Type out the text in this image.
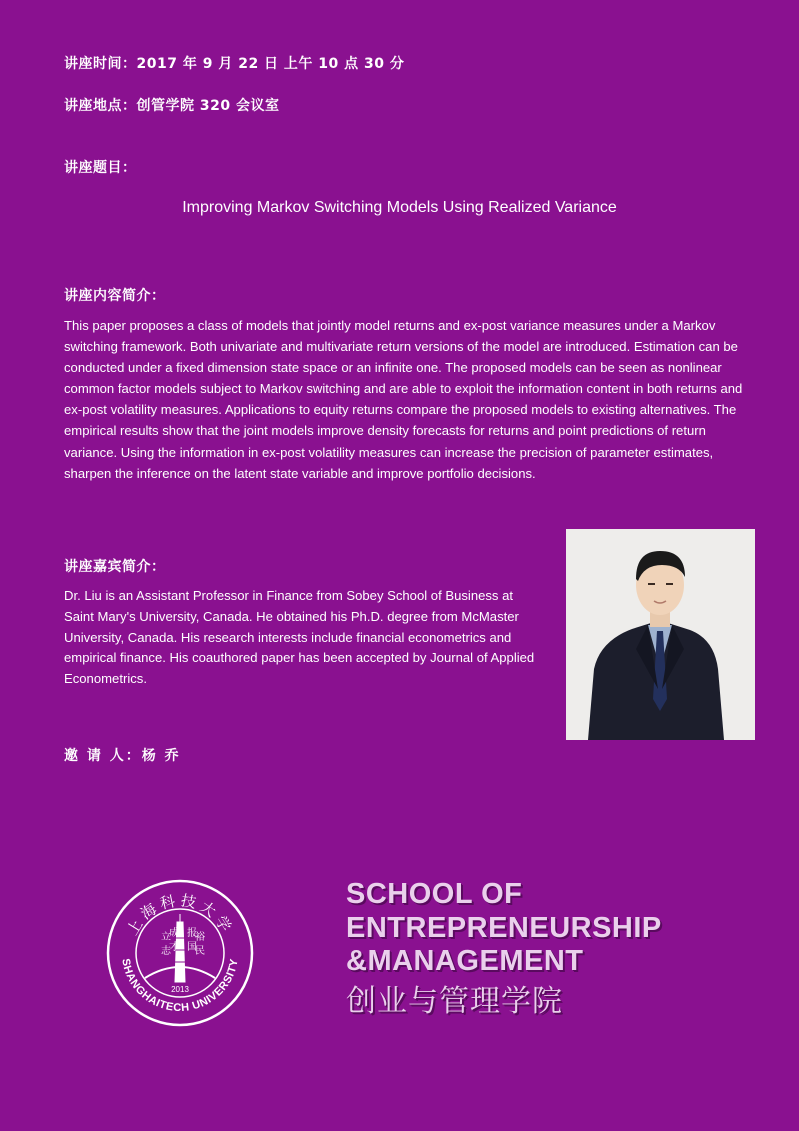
讲座时间：2017 年 9 月 22 日 上午 10 点 30 分
讲座地点：创管学院 320 会议室
讲座题目：
Improving Markov Switching Models Using Realized Variance
讲座内容简介：
This paper proposes a class of models that jointly model returns and ex-post variance measures under a Markov switching framework. Both univariate and multivariate return versions of the model are introduced. Estimation can be conducted under a fixed dimension state space or an infinite one. The proposed models can be seen as nonlinear common factor models subject to Markov switching and are able to exploit the information content in both returns and ex-post volatility measures. Applications to equity returns compare the proposed models to existing alternatives. The empirical results show that the joint models improve density forecasts for returns and point predictions of return variance. Using the information in ex-post volatility measures can increase the precision of parameter estimates, sharpen the inference on the latent state variable and improve portfolio decisions.
讲座嘉宾简介：
Dr. Liu is an Assistant Professor in Finance from Sobey School of Business at Saint Mary's University, Canada. He obtained his Ph.D. degree from McMaster University, Canada. His research interests include financial econometrics and empirical finance. His coauthored paper has been accepted by Journal of Applied Econometrics.
邀 请 人：杨 乔
上海科技大学
SHANGHAITECH UNIVERSITY
立
志
成
才
报
国
裕
民
2013
SCHOOL OF
ENTREPRENEURSHIP
&MANAGEMENT
创业与管理学院
